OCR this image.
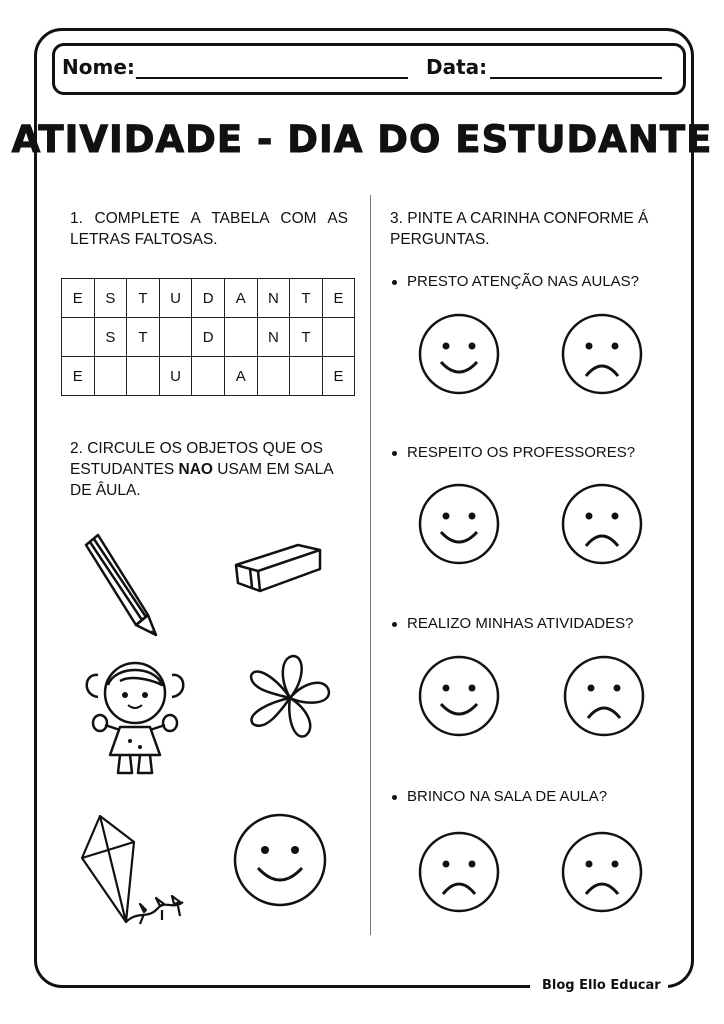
Blog Ello Educar
Nome:	Data:
ATIVIDADE - DIA DO ESTUDANTE
1. COMPLETE A TABELA COM AS LETRAS FALTOSAS.
E	S	T	U	D	A	N	T	E
	S	T		D		N	T	
E			U		A			E
2. CIRCULE OS OBJETOS QUE OS ESTUDANTES NAO USAM EM SALA DE ÂULA.
3. PINTE A CARINHA CONFORME Á PERGUNTAS.
PRESTO ATENÇÃO NAS AULAS?
RESPEITO OS PROFESSORES?
REALIZO MINHAS ATIVIDADES?
BRINCO NA SALA DE AULA?
